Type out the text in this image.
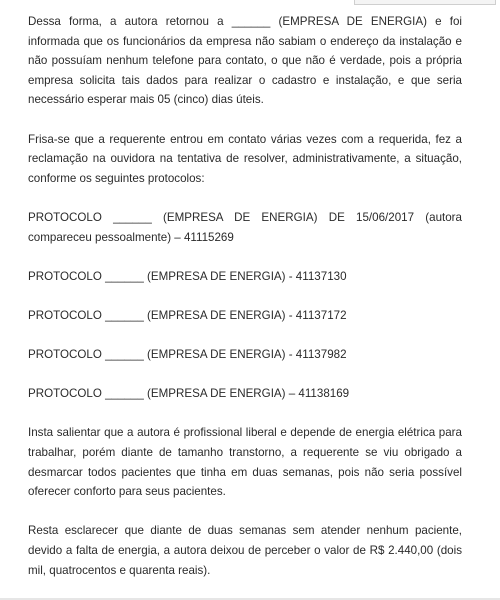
Dessa forma, a autora retornou a ______ (EMPRESA DE ENERGIA) e foi informada que os funcionários da empresa não sabiam o endereço da instalação e não possuíam nenhum telefone para contato, o que não é verdade, pois a própria empresa solicita tais dados para realizar o cadastro e instalação, e que seria necessário esperar mais 05 (cinco) dias úteis.

Frisa-se que a requerente entrou em contato várias vezes com a requerida, fez a reclamação na ouvidora na tentativa de resolver, administrativamente, a situação, conforme os seguintes protocolos:

PROTOCOLO ______ (EMPRESA DE ENERGIA) DE 15/06/2017 (autora compareceu pessoalmente) – 41115269

PROTOCOLO ______ (EMPRESA DE ENERGIA) - 41137130

PROTOCOLO ______ (EMPRESA DE ENERGIA) - 41137172

PROTOCOLO ______ (EMPRESA DE ENERGIA) - 41137982

PROTOCOLO ______ (EMPRESA DE ENERGIA) – 41138169

Insta salientar que a autora é profissional liberal e depende de energia elétrica para trabalhar, porém diante de tamanho transtorno, a requerente se viu obrigado a desmarcar todos pacientes que tinha em duas semanas, pois não seria possível oferecer conforto para seus pacientes.

Resta esclarecer que diante de duas semanas sem atender nenhum paciente, devido a falta de energia, a autora deixou de perceber o valor de R$ 2.440,00 (dois mil, quatrocentos e quarenta reais).
